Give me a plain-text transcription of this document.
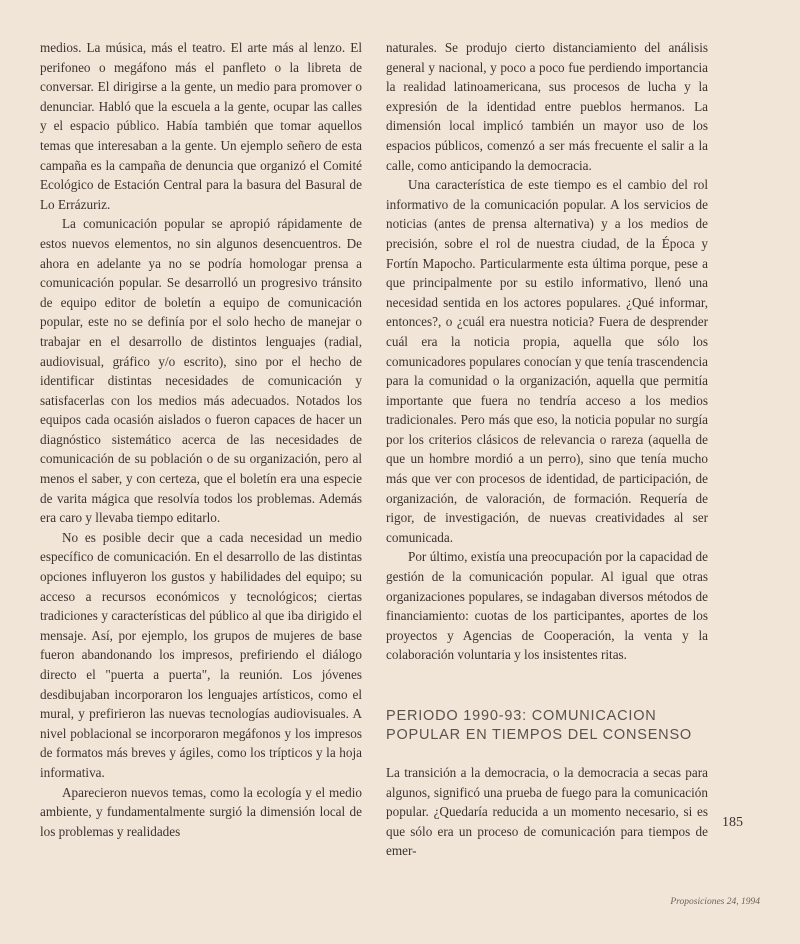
medios. La música, más el teatro. El arte más al lenzo. El perifoneo o megáfono más el panfleto o la libreta de conversar. El dirigirse a la gente, un medio para promover o denunciar. Habló que la escuela a la gente, ocupar las calles y el espacio público. Había también que tomar aquellos temas que interesaban a la gente. Un ejemplo señero de esta campaña es la campaña de denuncia que organizó el Comité Ecológico de Estación Central para la basura del Basural de Lo Errázuriz.

La comunicación popular se apropió rápidamente de estos nuevos elementos, no sin algunos desencuentros. De ahora en adelante ya no se podría homologar prensa a comunicación popular. Se desarrolló un progresivo tránsito de equipo editor de boletín a equipo de comunicación popular, este no se definía por el solo hecho de manejar o trabajar en el desarrollo de distintos lenguajes (radial, audiovisual, gráfico y/o escrito), sino por el hecho de identificar distintas necesidades de comunicación y satisfacerlas con los medios más adecuados. Notados los equipos cada ocasión aislados o fueron capaces de hacer un diagnóstico sistemático acerca de las necesidades de comunicación de su población o de su organización, pero al menos el saber, y con certeza, que el boletín era una especie de varita mágica que resolvía todos los problemas. Además era caro y llevaba tiempo editarlo.

No es posible decir que a cada necesidad un medio específico de comunicación. En el desarrollo de las distintas opciones influyeron los gustos y habilidades del equipo; su acceso a recursos económicos y tecnológicos; ciertas tradiciones y características del público al que iba dirigido el mensaje. Así, por ejemplo, los grupos de mujeres de base fueron abandonando los impresos, prefiriendo el diálogo directo el "puerta a puerta", la reunión. Los jóvenes desdibujaban incorporaron los lenguajes artísticos, como el mural, y prefirieron las nuevas tecnologías audiovisuales. A nivel poblacional se incorporaron megáfonos y los impresos de formatos más breves y ágiles, como los trípticos y la hoja informativa.

Aparecieron nuevos temas, como la ecología y el medio ambiente, y fundamentalmente surgió la dimensión local de los problemas y realidades

naturales. Se produjo cierto distanciamiento del análisis general y nacional, y poco a poco fue perdiendo importancia la realidad latinoamericana, sus procesos de lucha y la expresión de la identidad entre pueblos hermanos. La dimensión local implicó también un mayor uso de los espacios públicos, comenzó a ser más frecuente el salir a la calle, como anticipando la democracia.

Una característica de este tiempo es el cambio del rol informativo de la comunicación popular. A los servicios de noticias (antes de prensa alternativa) y a los medios de precisión, sobre el rol de nuestra ciudad, de la Época y Fortín Mapocho. Particularmente esta última porque, pese a que principalmente por su estilo informativo, llenó una necesidad sentida en los actores populares. ¿Qué informar, entonces?, o ¿cuál era nuestra noticia? Fuera de desprender cuál era la noticia propia, aquella que sólo los comunicadores populares conocían y que tenía trascendencia para la comunidad o la organización, aquella que permitía importante que fuera no tendría acceso a los medios tradicionales. Pero más que eso, la noticia popular no surgía por los criterios clásicos de relevancia o rareza (aquella de que un hombre mordió a un perro), sino que tenía mucho más que ver con procesos de identidad, de participación, de organización, de valoración, de formación. Requería de rigor, de investigación, de nuevas creatividades al ser comunicada.

Por último, existía una preocupación por la capacidad de gestión de la comunicación popular. Al igual que otras organizaciones populares, se indagaban diversos métodos de financiamiento: cuotas de los participantes, aportes de los proyectos y Agencias de Cooperación, la venta y la colaboración voluntaria y los insistentes ritas.

PERIODO 1990-93: COMUNICACION POPULAR EN TIEMPOS DEL CONSENSO

La transición a la democracia, o la democracia a secas para algunos, significó una prueba de fuego para la comunicación popular. ¿Quedaría reducida a un momento necesario, si es que sólo era un proceso de comunicación para tiempos de emer-

185
Proposiciones 24, 1994
